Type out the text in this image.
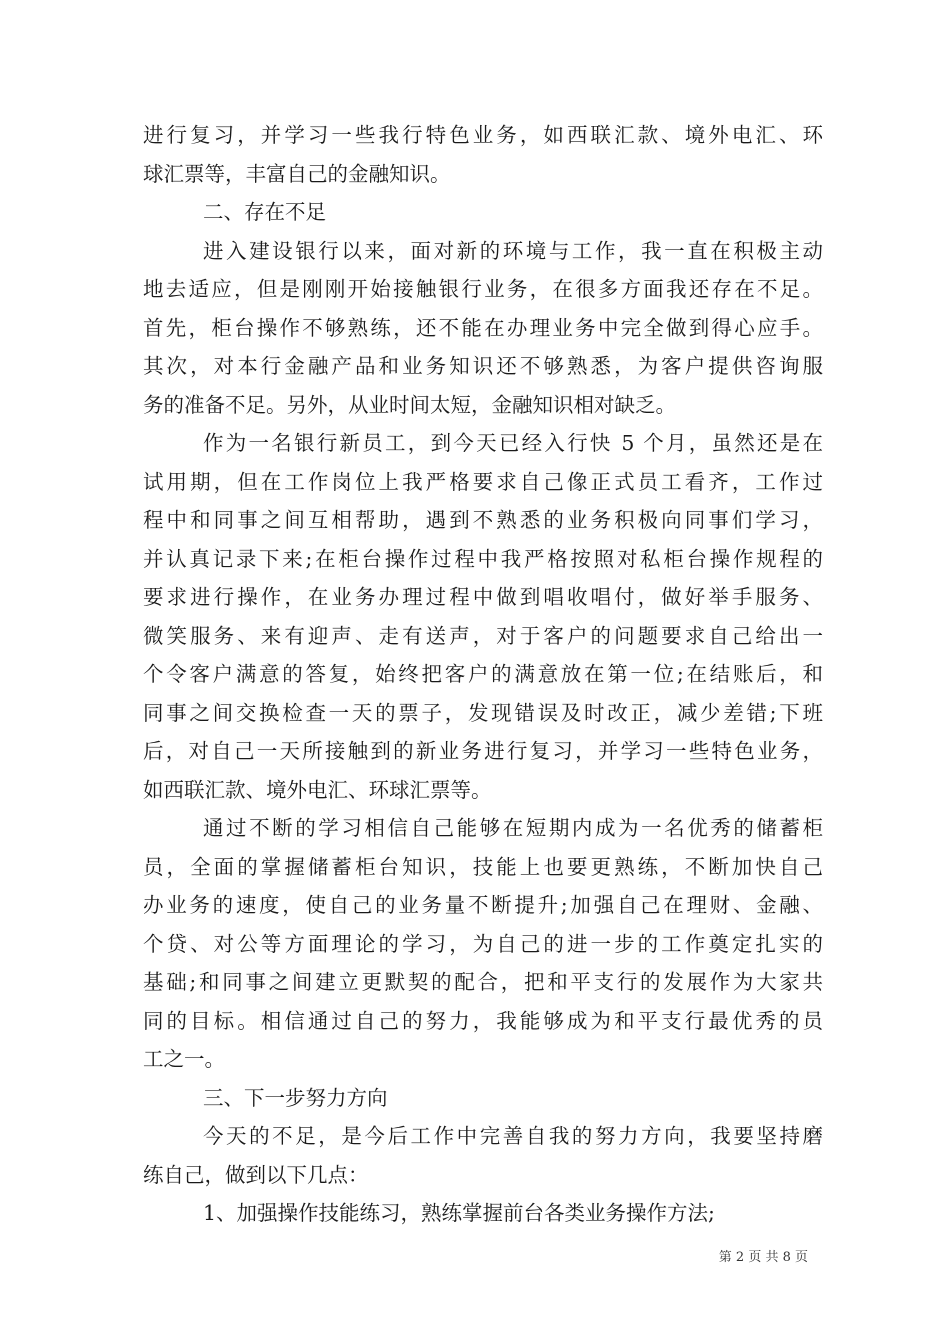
进行复习，并学习一些我行特色业务，如西联汇款、境外电汇、环
球汇票等，丰富自己的金融知识。
二、存在不足
进入建设银行以来，面对新的环境与工作，我一直在积极主动
地去适应，但是刚刚开始接触银行业务，在很多方面我还存在不足。
首先，柜台操作不够熟练，还不能在办理业务中完全做到得心应手。
其次，对本行金融产品和业务知识还不够熟悉，为客户提供咨询服
务的准备不足。另外，从业时间太短，金融知识相对缺乏。
作为一名银行新员工，到今天已经入行快 5 个月，虽然还是在
试用期，但在工作岗位上我严格要求自己像正式员工看齐，工作过
程中和同事之间互相帮助，遇到不熟悉的业务积极向同事们学习，
并认真记录下来;在柜台操作过程中我严格按照对私柜台操作规程的
要求进行操作，在业务办理过程中做到唱收唱付，做好举手服务、
微笑服务、来有迎声、走有送声，对于客户的问题要求自己给出一
个令客户满意的答复，始终把客户的满意放在第一位;在结账后，和
同事之间交换检查一天的票子，发现错误及时改正，减少差错;下班
后，对自己一天所接触到的新业务进行复习，并学习一些特色业务，
如西联汇款、境外电汇、环球汇票等。
通过不断的学习相信自己能够在短期内成为一名优秀的储蓄柜
员，全面的掌握储蓄柜台知识，技能上也要更熟练，不断加快自己
办业务的速度，使自己的业务量不断提升;加强自己在理财、金融、
个贷、对公等方面理论的学习，为自己的进一步的工作奠定扎实的
基础;和同事之间建立更默契的配合，把和平支行的发展作为大家共
同的目标。相信通过自己的努力，我能够成为和平支行最优秀的员
工之一。
三、下一步努力方向
今天的不足，是今后工作中完善自我的努力方向，我要坚持磨
练自己，做到以下几点：
1、加强操作技能练习，熟练掌握前台各类业务操作方法;
第 2 页 共 8 页
